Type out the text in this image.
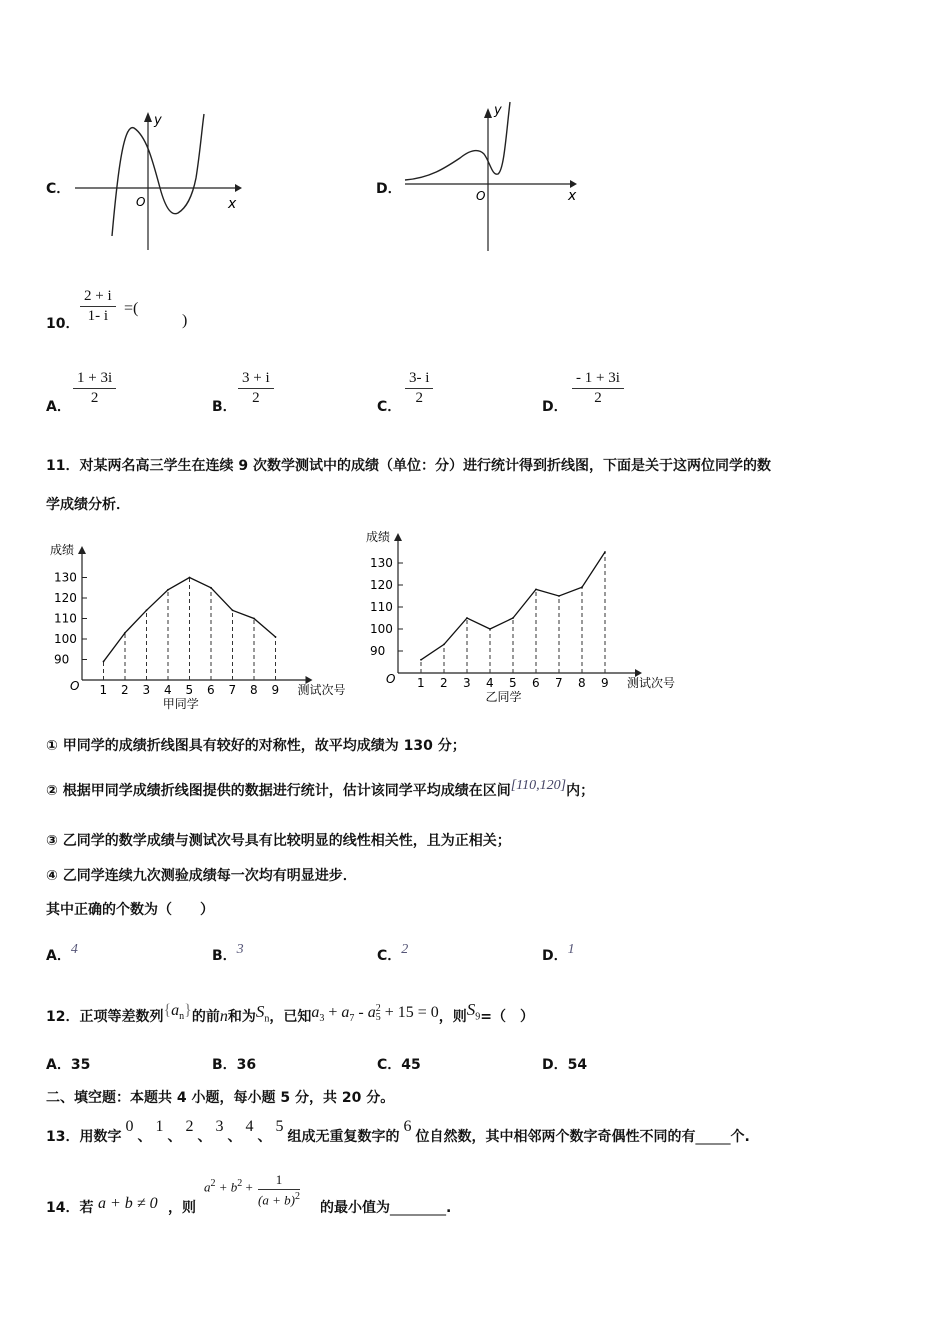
C．
y
x
O
D．
y
x
O
10． $\frac{2 + i}{1- i}$ =(
)
A． $\frac{1 + 3i}{2}$	B． $\frac{3 + i}{2}$	C． $\frac{3- i}{2}$	D． $\frac{- 1 + 3i}{2}$
11．对某两名高三学生在连续 9 次数学测试中的成绩（单位：分）进行统计得到折线图，下面是关于这两位同学的数
学成绩分析．
成绩
测试次号
O
甲同学
90
100
110
120
130
1 2 3 4 5 6 7 8 9
成绩
测试次号
O
乙同学
90
100
110
120
130
1 2 3 4 5 6 7 8 9
① 甲同学的成绩折线图具有较好的对称性，故平均成绩为 130 分；
② 根据甲同学成绩折线图提供的数据进行统计，估计该同学平均成绩在区间[110,120]内；
③ 乙同学的数学成绩与测试次号具有比较明显的线性相关性，且为正相关；
④ 乙同学连续九次测验成绩每一次均有明显进步．
其中正确的个数为（　　）
A．4	B．3	C．2	D．1
12．正项等差数列$\{a_n\}$的前n和为$S_n$，已知$a_3 + a_7 - a$ 2
5 + 15 = 0，则$S_9=$（　）
A．35	B．36	C．45	D．54
二、填空题：本题共 4 小题，每小题 5 分，共 20 分。
13．用数字0、1、2、3、4、5组成无重复数字的6位自然数，其中相邻两个数字奇偶性不同的有_____个.
14．若 a + b ≠ 0 ，则
$a^2 + b^2 + \frac{1}{(a + b)^2}$ 的最小值为________.
